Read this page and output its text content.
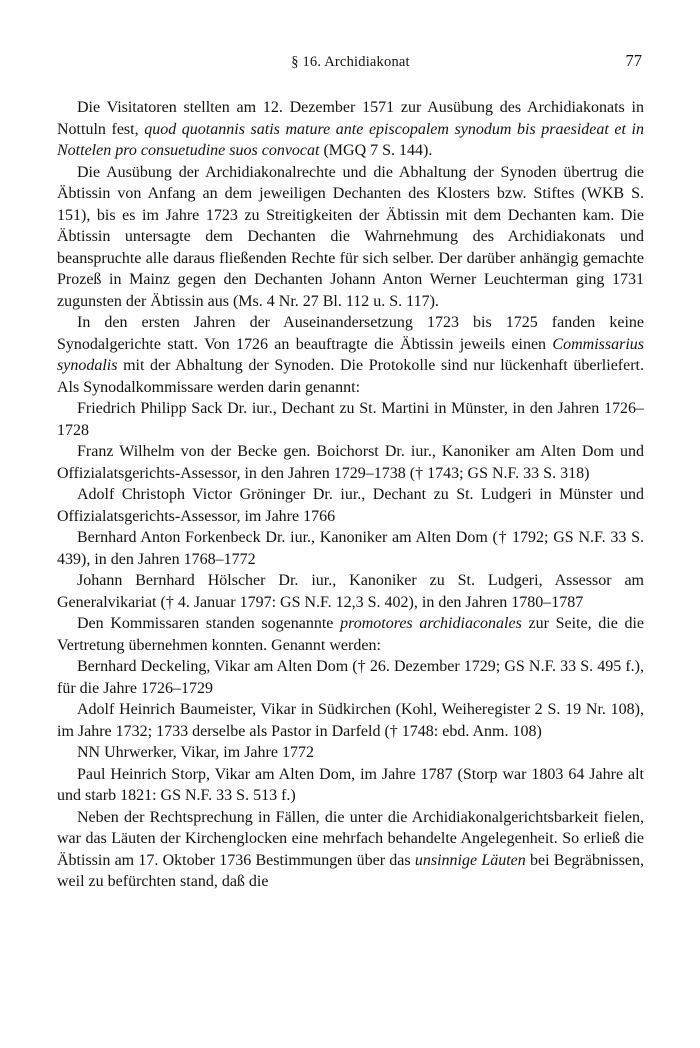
§ 16. Archidiakonat	77

Die Visitatoren stellten am 12. Dezember 1571 zur Ausübung des Archidiakonats in Nottuln fest, quod quotannis satis mature ante episcopalem synodum bis praesideat et in Nottelen pro consuetudine suos convocat (MGQ 7 S. 144).

Die Ausübung der Archidiakonalrechte und die Abhaltung der Synoden übertrug die Äbtissin von Anfang an dem jeweiligen Dechanten des Klosters bzw. Stiftes (WKB S. 151), bis es im Jahre 1723 zu Streitigkeiten der Äbtissin mit dem Dechanten kam. Die Äbtissin untersagte dem Dechanten die Wahrnehmung des Archidiakonats und beanspruchte alle daraus fließenden Rechte für sich selber. Der darüber anhängig gemachte Prozeß in Mainz gegen den Dechanten Johann Anton Werner Leuchterman ging 1731 zugunsten der Äbtissin aus (Ms. 4 Nr. 27 Bl. 112 u. S. 117).

In den ersten Jahren der Auseinandersetzung 1723 bis 1725 fanden keine Synodalgerichte statt. Von 1726 an beauftragte die Äbtissin jeweils einen Commissarius synodalis mit der Abhaltung der Synoden. Die Protokolle sind nur lückenhaft überliefert. Als Synodalkommissare werden darin genannt:

Friedrich Philipp Sack Dr. iur., Dechant zu St. Martini in Münster, in den Jahren 1726–1728

Franz Wilhelm von der Becke gen. Boichorst Dr. iur., Kanoniker am Alten Dom und Offizialatsgerichts-Assessor, in den Jahren 1729–1738 († 1743; GS N.F. 33 S. 318)

Adolf Christoph Victor Gröninger Dr. iur., Dechant zu St. Ludgeri in Münster und Offizialatsgerichts-Assessor, im Jahre 1766

Bernhard Anton Forkenbeck Dr. iur., Kanoniker am Alten Dom († 1792; GS N.F. 33 S. 439), in den Jahren 1768–1772

Johann Bernhard Hölscher Dr. iur., Kanoniker zu St. Ludgeri, Assessor am Generalvikariat († 4. Januar 1797: GS N.F. 12,3 S. 402), in den Jahren 1780–1787

Den Kommissaren standen sogenannte promotores archidiaconales zur Seite, die die Vertretung übernehmen konnten. Genannt werden:

Bernhard Deckeling, Vikar am Alten Dom († 26. Dezember 1729; GS N.F. 33 S. 495 f.), für die Jahre 1726–1729

Adolf Heinrich Baumeister, Vikar in Südkirchen (Kohl, Weiheregister 2 S. 19 Nr. 108), im Jahre 1732; 1733 derselbe als Pastor in Darfeld († 1748: ebd. Anm. 108)

NN Uhrwerker, Vikar, im Jahre 1772

Paul Heinrich Storp, Vikar am Alten Dom, im Jahre 1787 (Storp war 1803 64 Jahre alt und starb 1821: GS N.F. 33 S. 513 f.)

Neben der Rechtsprechung in Fällen, die unter die Archidiakonalgerichtsbarkeit fielen, war das Läuten der Kirchenglocken eine mehrfach behandelte Angelegenheit. So erließ die Äbtissin am 17. Oktober 1736 Bestimmungen über das unsinnige Läuten bei Begräbnissen, weil zu befürchten stand, daß die
